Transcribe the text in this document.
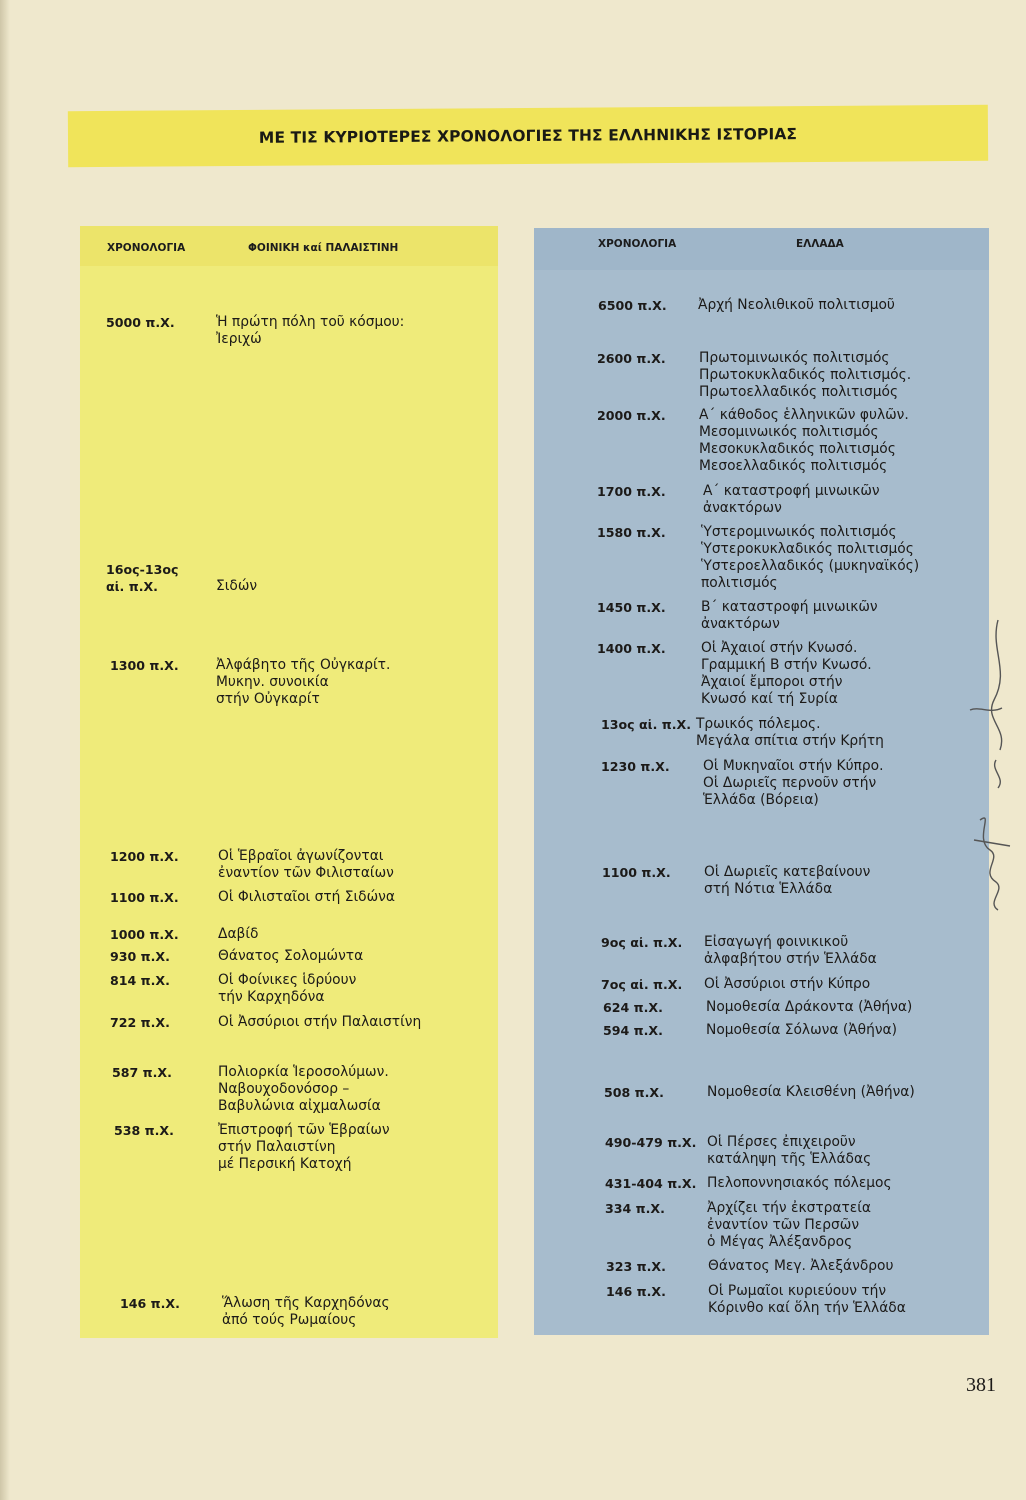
ΜΕ ΤΙΣ ΚΥΡΙΟΤΕΡΕΣ ΧΡΟΝΟΛΟΓΙΕΣ ΤΗΣ ΕΛΛΗΝΙΚΗΣ ΙΣΤΟΡΙΑΣ
ΧΡΟΝΟΛΟΓΙΑ	ΦΟΙΝΙΚΗ καί ΠΑΛΑΙΣΤΙΝΗ	ΧΡΟΝΟΛΟΓΙΑ	ΕΛΛΑΔΑ
5000 π.Χ.	Ἡ πρώτη πόλη τοῦ κόσμου:
Ἰεριχώ
16ος-13ος
αἰ. π.Χ.	Σιδών
1300 π.Χ.	Ἀλφάβητο τῆς Οὐγκαρίτ.
Μυκην. συνοικία
στήν Οὐγκαρίτ
1200 π.Χ.	Οἱ Ἑβραῖοι ἀγωνίζονται
ἐναντίον τῶν Φιλισταίων
1100 π.Χ.	Οἱ Φιλισταῖοι στή Σιδώνα
1000 π.Χ.	Δαβίδ
930 π.Χ.	Θάνατος Σολομώντα
814 π.Χ.	Οἱ Φοίνικες ἱδρύουν
τήν Καρχηδόνα
722 π.Χ.	Οἱ Ἀσσύριοι στήν Παλαιστίνη
587 π.Χ.	Πολιορκία Ἱεροσολύμων.
Ναβουχοδονόσορ –
Βαβυλώνια αἰχμαλωσία
538 π.Χ.	Ἐπιστροφή τῶν Ἑβραίων
στήν Παλαιστίνη
μέ Περσική Κατοχή
146 π.Χ.	Ἅλωση τῆς Καρχηδόνας
ἀπό τούς Ρωμαίους
6500 π.Χ. Ἀρχή Νεολιθικοῦ πολιτισμοῦ
2600 π.Χ. Πρωτομινωικός πολιτισμός
Πρωτοκυκλαδικός πολιτισμός.
Πρωτοελλαδικός πολιτισμός
2000 π.Χ. Α΄ κάθοδος ἑλληνικῶν φυλῶν.
Μεσομινωικός πολιτισμός
Μεσοκυκλαδικός πολιτισμός
Μεσοελλαδικός πολιτισμός
1700 π.Χ.	Α΄ καταστροφή μινωικῶν
ἀνακτόρων
1580 π.Χ.	Ὑστερομινωικός πολιτισμός
Ὑστεροκυκλαδικός πολιτισμός
Ὑστεροελλαδικός (μυκηναϊκός)
πολιτισμός
1450 π.Χ.	Β΄ καταστροφή μινωικῶν
ἀνακτόρων
1400 π.Χ.	Οἱ Ἀχαιοί στήν Κνωσό.
Γραμμική Β στήν Κνωσό.
Ἀχαιοί ἔμποροι στήν
Κνωσό καί τή Συρία
13ος αἰ. π.Χ. Τρωικός πόλεμος.
Μεγάλα σπίτια στήν Κρήτη
1230 π.Χ. Οἱ Μυκηναῖοι στήν Κύπρο.
Οἱ Δωριεῖς περνοῦν στήν
Ἑλλάδα (Βόρεια)
1100 π.Χ. Οἱ Δωριεῖς κατεβαίνουν
στή Νότια Ἑλλάδα
9ος αἰ. π.Χ. Εἰσαγωγή φοινικικοῦ
ἀλφαβήτου στήν Ἑλλάδα
7ος αἰ. π.Χ. Οἱ Ἀσσύριοι στήν Κύπρο
624 π.Χ.	Νομοθεσία Δράκοντα (Ἀθήνα)
594 π.Χ.	Νομοθεσία Σόλωνα (Ἀθήνα)
508 π.Χ.	Νομοθεσία Κλεισθένη (Ἀθήνα)
490-479 π.Χ. Οἱ Πέρσες ἐπιχειροῦν
κατάληψη τῆς Ἑλλάδας
431-404 π.Χ. Πελοποννησιακός πόλεμος
334 π.Χ.	Ἀρχίζει τήν ἐκστρατεία
ἐναντίον τῶν Περσῶν
ὁ Μέγας Ἀλέξανδρος
323 π.Χ.	Θάνατος Μεγ. Ἀλεξάνδρου
146 π.Χ.	Οἱ Ρωμαῖοι κυριεύουν τήν
Κόρινθο καί ὅλη τήν Ἑλλάδα
381
